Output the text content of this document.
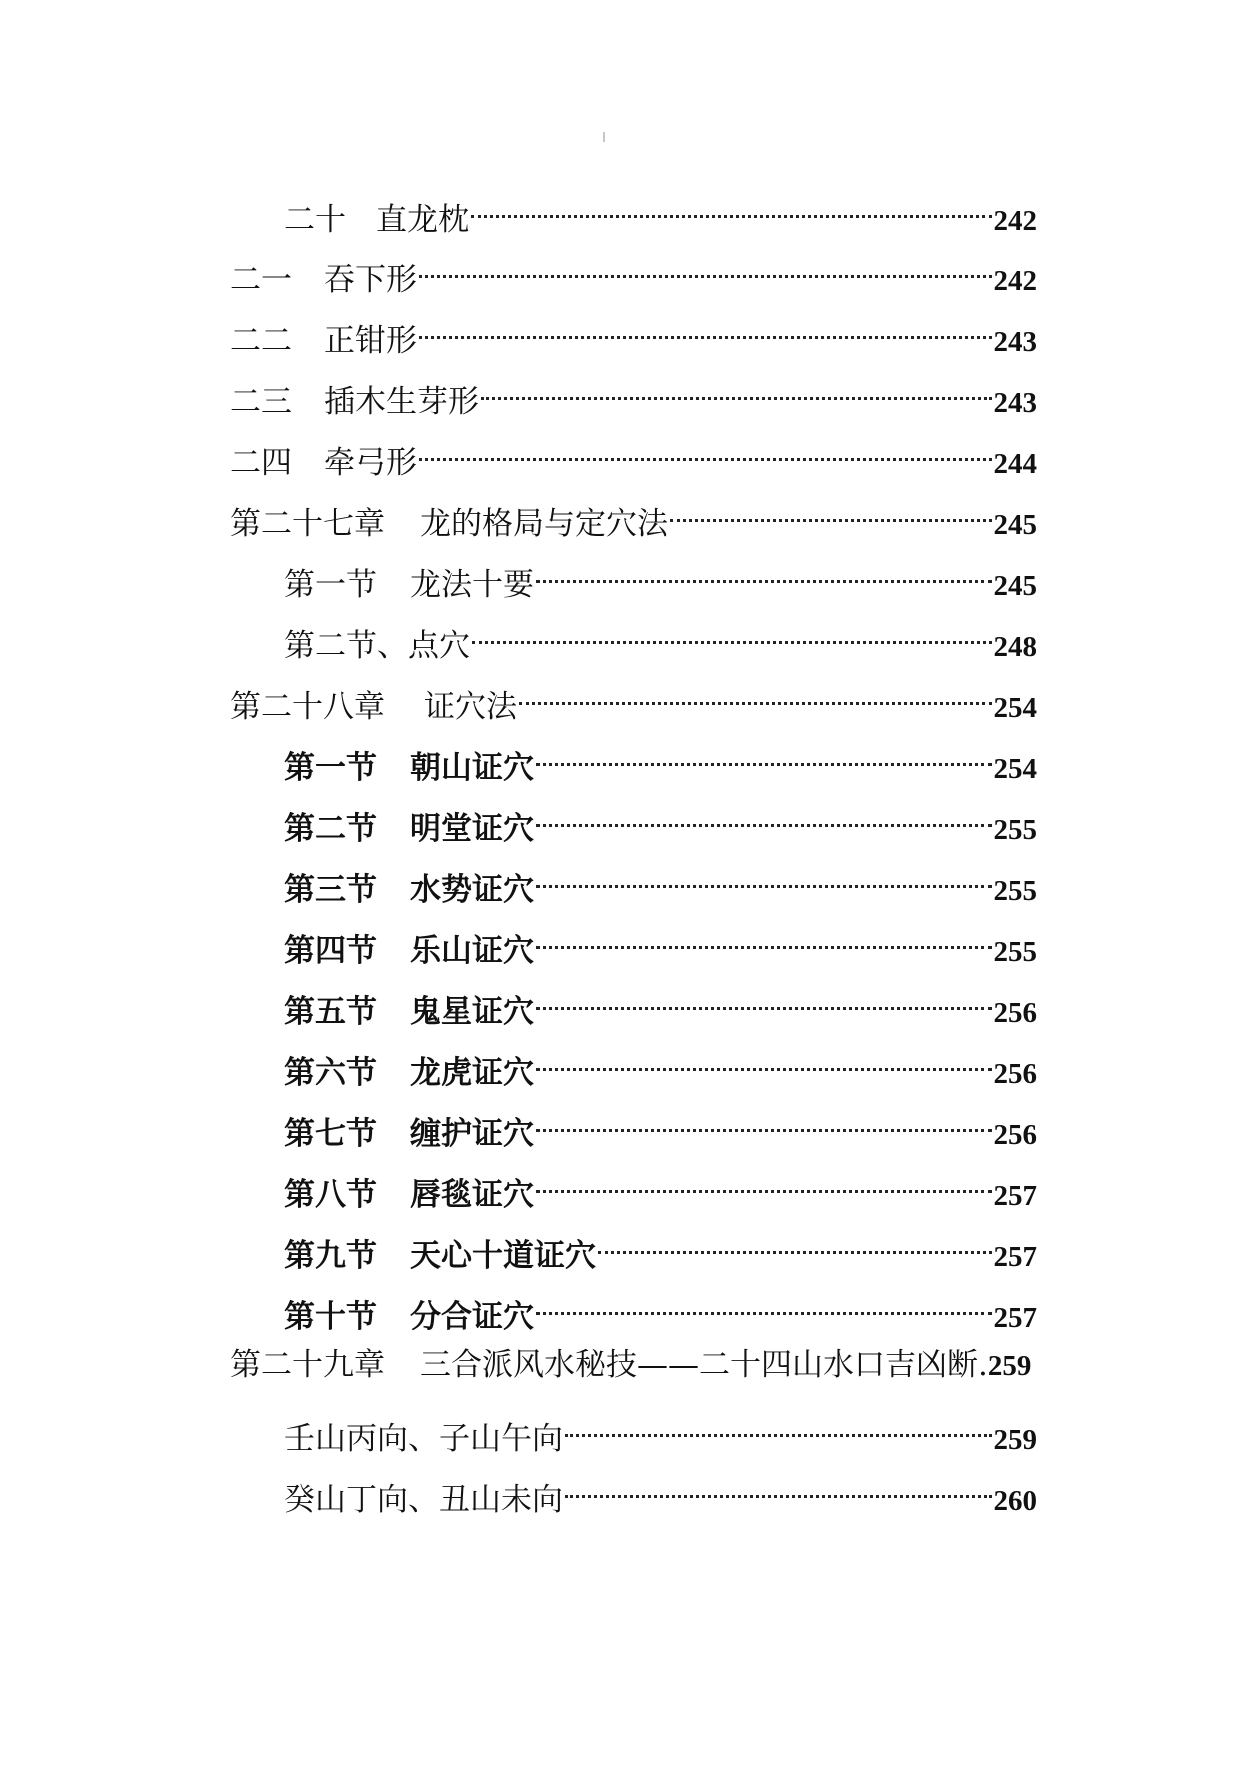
二十 直龙枕	242
二一	吞下形	242
二二	正钳形	243
二三	插木生芽形	243
二四	牵弓形	244
第二十七章	龙的格局与定穴法	245
第一节	龙法十要	245
第二节、 点穴	248
第二十八章	证穴法	254
第一节	朝山证穴	254
第二节	明堂证穴	255
第三节	水势证穴	255
第四节	乐山证穴	255
第五节	鬼星证穴	256
第六节	龙虎证穴	256
第七节	缠护证穴	256
第八节	唇毯证穴	257
第九节	天心十道证穴	257
第十节	分合证穴	257
第二十九章	三合派风水秘技——二十四山水口吉凶断. 259
壬山丙向、子山午向	259
癸山丁向、丑山未向	260
